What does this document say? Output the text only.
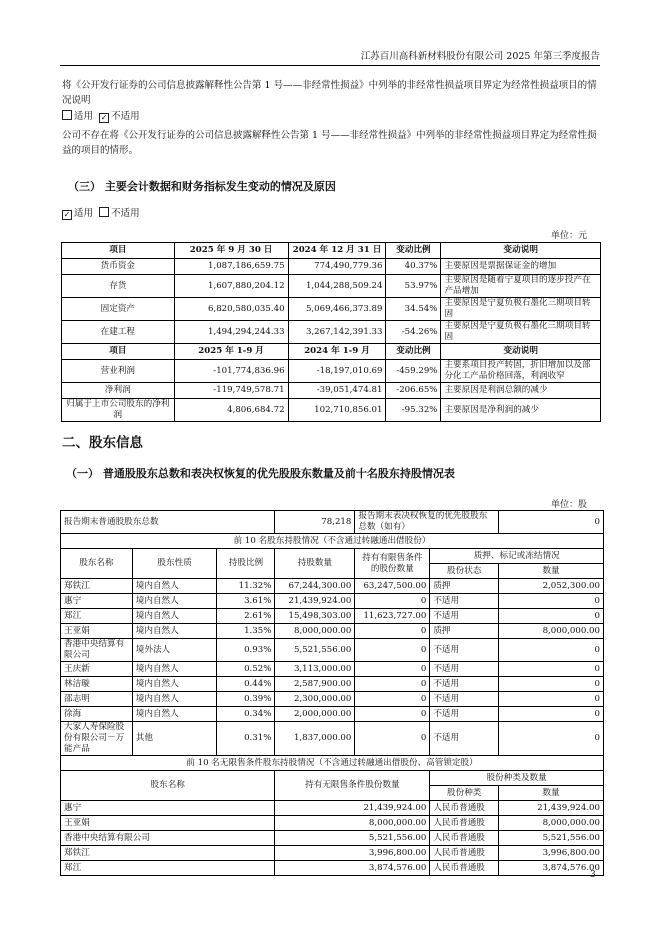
江苏百川高科新材料股份有限公司 2025 年第三季度报告
将《公开发行证券的公司信息披露解释性公告第 1 号——非经常性损益》中列举的非经常性损益项目界定为经常性损益项目的情况说明
适用 ✓ 不适用
公司不存在将《公开发行证券的公司信息披露解释性公告第 1 号——非经常性损益》中列举的非经常性损益项目界定为经常性损益的项目的情形。
（三） 主要会计数据和财务指标发生变动的情况及原因
✓ 适用 不适用
单位：元
项目	2025 年 9 月 30 日	2024 年 12 月 31 日	变动比例	变动说明
货币资金	1,087,186,659.75	774,490,779.36	40.37%	主要原因是票据保证金的增加
存货	1,607,880,204.12	1,044,288,509.24	53.97%	主要原因是随着宁夏项目的逐步投产在产品增加
固定资产	6,820,580,035.40	5,069,466,373.89	34.54%	主要原因是宁夏负极石墨化三期项目转固
在建工程	1,494,294,244.33	3,267,142,391.33	-54.26%	主要原因是宁夏负极石墨化三期项目转固
项目	2025 年 1-9 月	2024 年 1-9 月	变动比例	变动说明
营业利润	-101,774,836.96	-18,197,010.69	-459.29%	主要系项目投产转固，折旧增加以及部分化工产品价格回落，利润收窄
净利润	-119,749,578.71	-39,051,474.81	-206.65%	主要原因是利润总额的减少
归属于上市公司股东的净利润	4,806,684.72	102,710,856.01	-95.32%	主要原因是净利润的减少
二、股东信息
（一） 普通股股东总数和表决权恢复的优先股股东数量及前十名股东持股情况表
单位：股
报告期末普通股股东总数			78,218	报告期末表决权恢复的优先股股东总数（如有）		0
前 10 名股东持股情况（不含通过转融通出借股份）						
股东名称	股东性质	持股比例	持股数量	持有有限售条件的股份数量	质押、标记或冻结情况	
					股份状态	数量
郑铁江	境内自然人	11.32%	67,244,300.00	63,247,500.00	质押	2,052,300.00
惠宁	境内自然人	3.61%	21,439,924.00	0	不适用	0
郑江	境内自然人	2.61%	15,498,303.00	11,623,727.00	不适用	0
王亚娟	境内自然人	1.35%	8,000,000.00	0	质押	8,000,000.00
香港中央结算有限公司	境外法人	0.93%	5,521,556.00	0	不适用	0
王庆新	境内自然人	0.52%	3,113,000.00	0	不适用	0
林洁璇	境内自然人	0.44%	2,587,900.00	0	不适用	0
邵志明	境内自然人	0.39%	2,300,000.00	0	不适用	0
徐海	境内自然人	0.34%	2,000,000.00	0	不适用	0
大家人寿保险股份有限公司－万能产品	其他	0.31%	1,837,000.00	0	不适用	0
前 10 名无限售条件股东持股情况（不含通过转融通出借股份、高管锁定股）						
股东名称			持有无限售条件股份数量		股份种类及数量	
					股份种类	数量
惠宁			21,439,924.00		人民币普通股	21,439,924.00
王亚娟			8,000,000.00		人民币普通股	8,000,000.00
香港中央结算有限公司			5,521,556.00		人民币普通股	5,521,556.00
郑铁江			3,996,800.00		人民币普通股	3,996,800.00
郑江			3,874,576.00		人民币普通股	3,874,576.00
3
